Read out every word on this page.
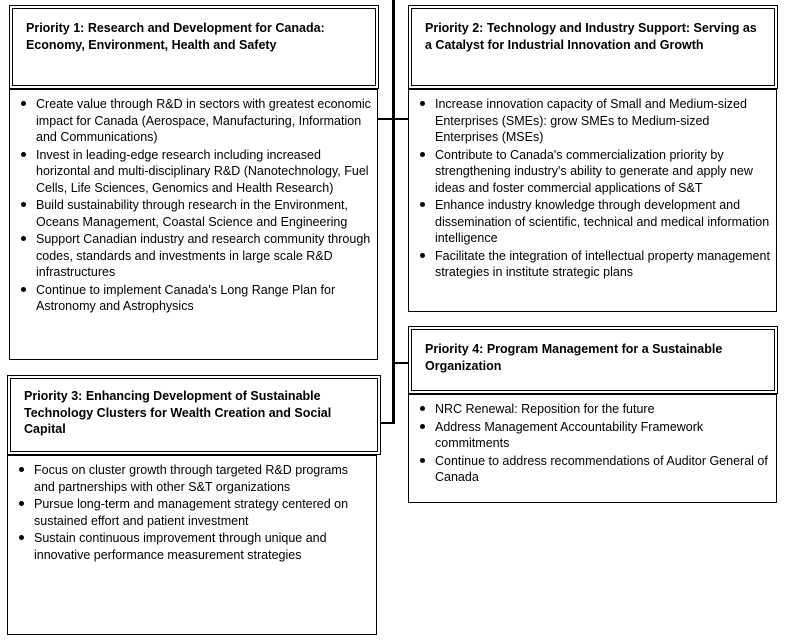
Priority 1: Research and Development for Canada: Economy, Environment, Health and Safety
Create value through R&D in sectors with greatest economic impact for Canada (Aerospace, Manufacturing, Information and Communications)
Invest in leading-edge research including increased horizontal and multi-disciplinary R&D (Nanotechnology, Fuel Cells, Life Sciences, Genomics and Health Research)
Build sustainability through research in the Environment, Oceans Management, Coastal Science and Engineering
Support Canadian industry and research community through codes, standards and investments in large scale R&D infrastructures
Continue to implement Canada's Long Range Plan for Astronomy and Astrophysics
Priority 2: Technology and Industry Support: Serving as a Catalyst for Industrial Innovation and Growth
Increase innovation capacity of Small and Medium-sized Enterprises (SMEs): grow SMEs to Medium-sized Enterprises (MSEs)
Contribute to Canada's commercialization priority by strengthening industry's ability to generate and apply new ideas and foster commercial applications of S&T
Enhance industry knowledge through development and dissemination of scientific, technical and medical information intelligence
Facilitate the integration of intellectual property management strategies in institute strategic plans
Priority 3: Enhancing Development of Sustainable Technology Clusters for Wealth Creation and Social Capital
Focus on cluster growth through targeted R&D programs and partnerships with other S&T organizations
Pursue long-term and management strategy centered on sustained effort and patient investment
Sustain continuous improvement through unique and innovative performance measurement strategies
Priority 4: Program Management for a Sustainable Organization
NRC Renewal: Reposition for the future
Address Management Accountability Framework commitments
Continue to address recommendations of Auditor General of Canada
